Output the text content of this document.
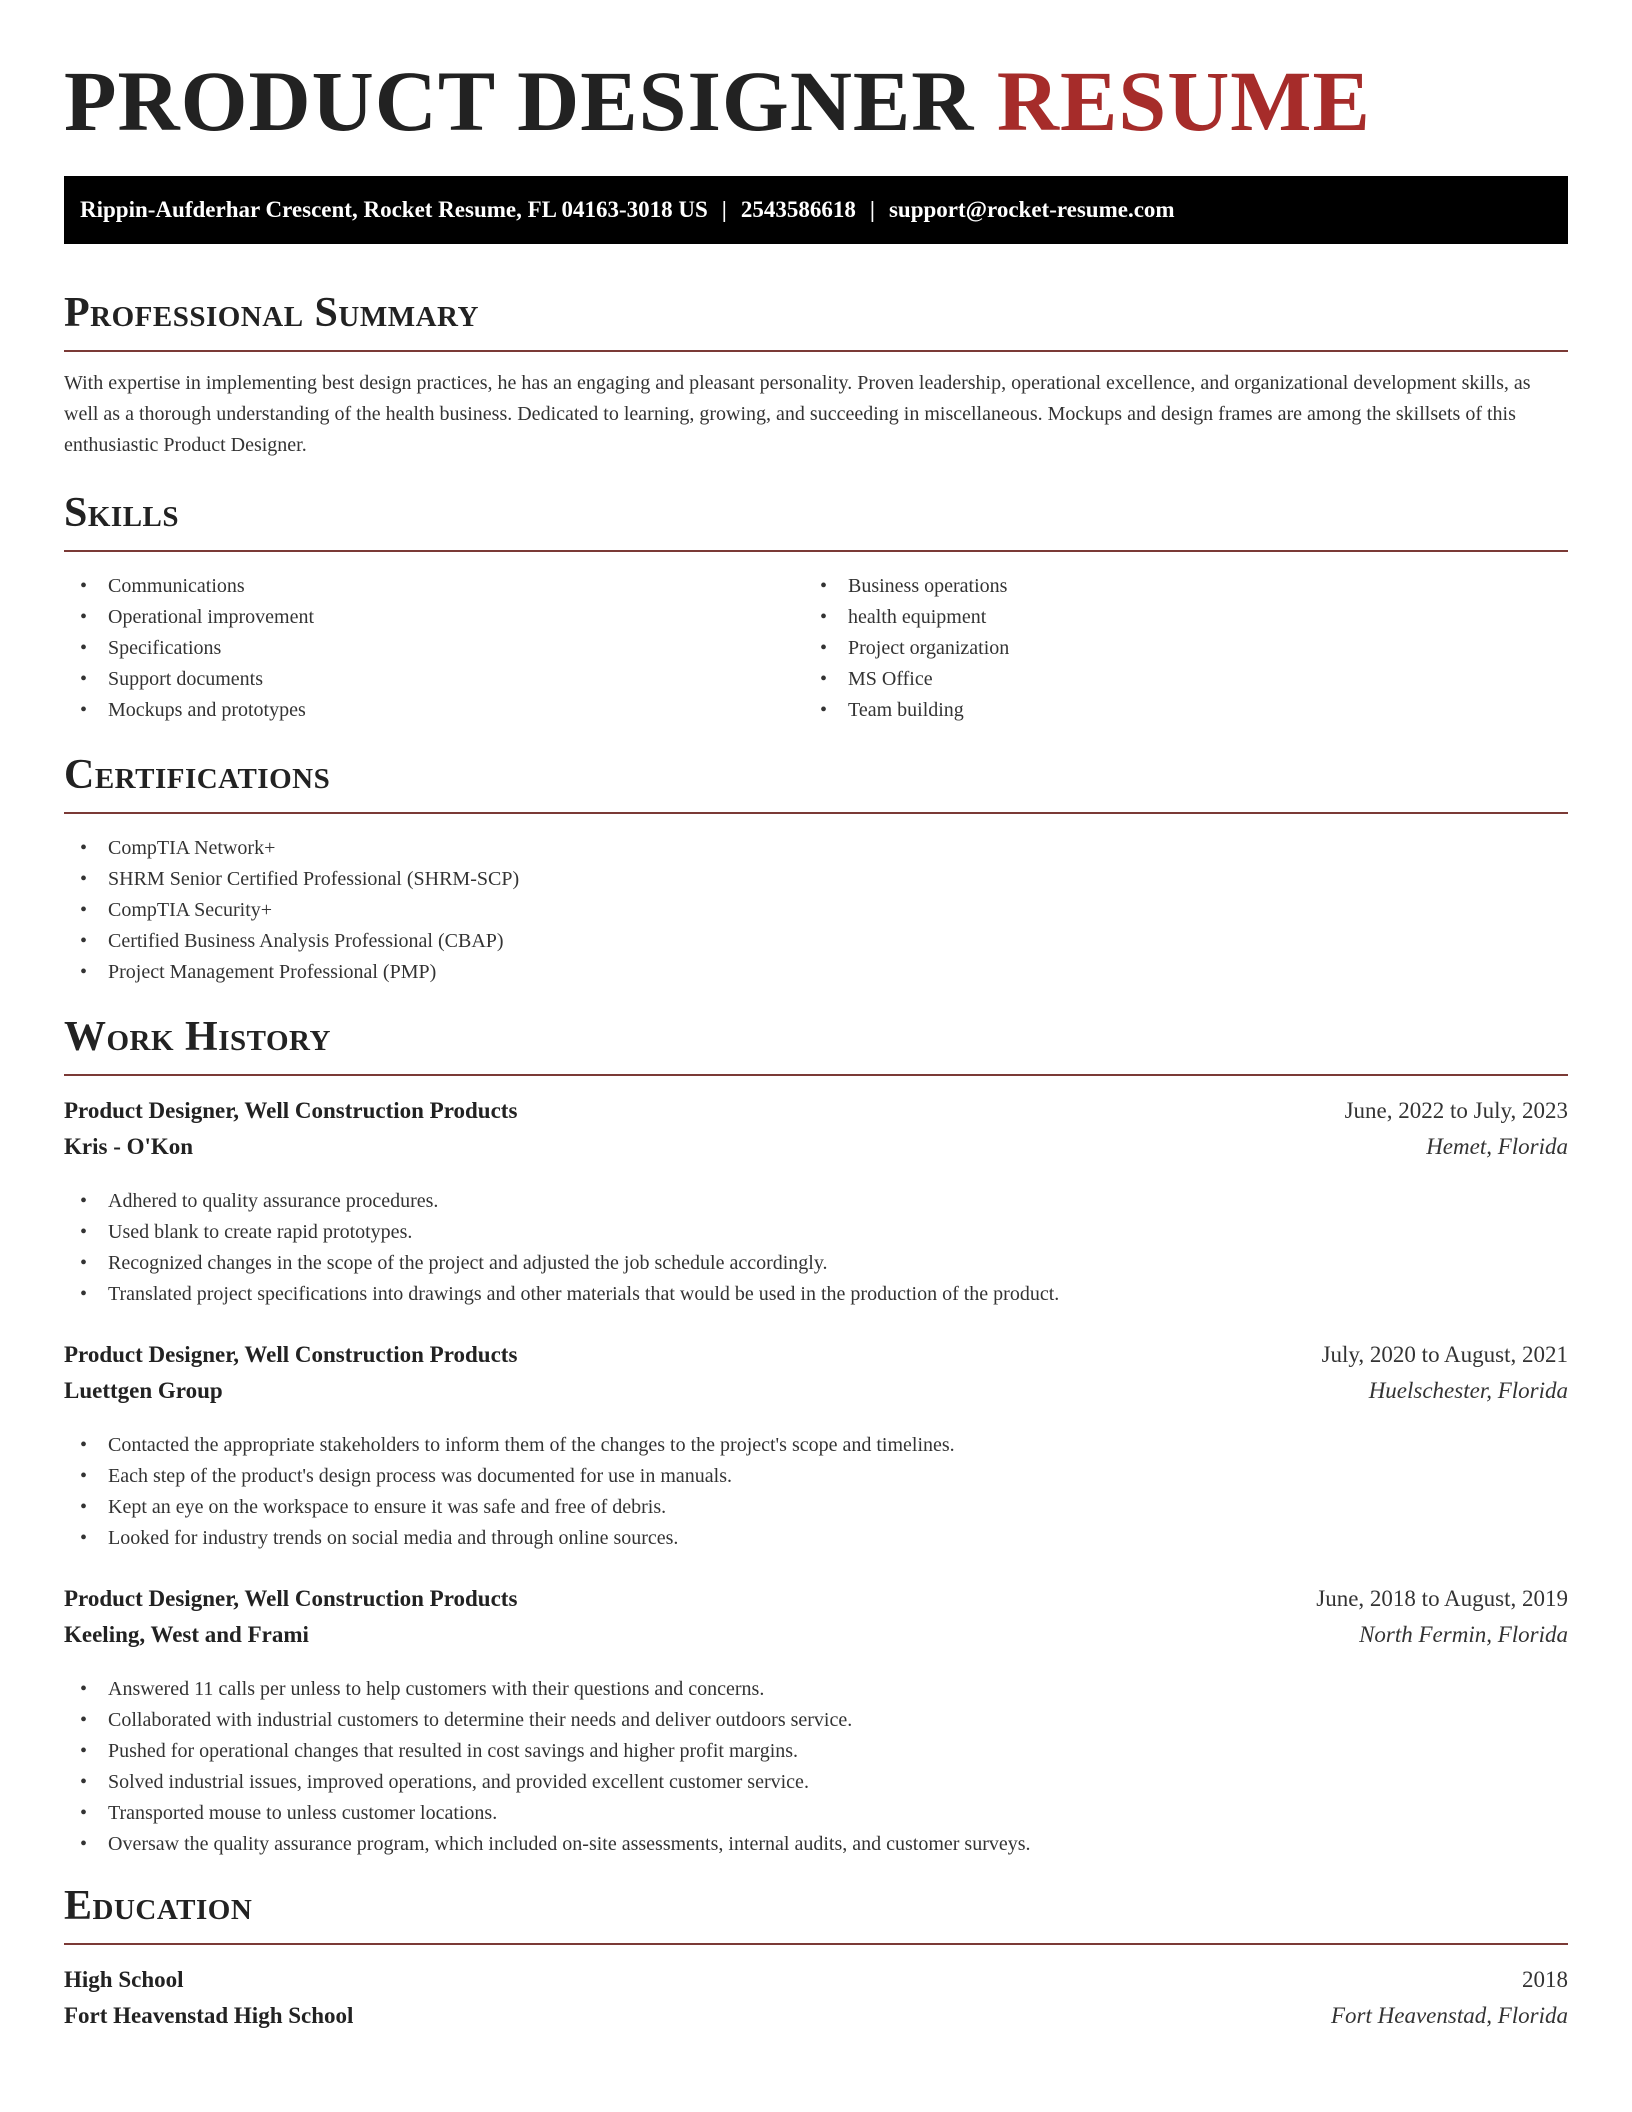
PRODUCT DESIGNER RESUME
Rippin-Aufderhar Crescent, Rocket Resume, FL 04163-3018 US | 2543586618 | support@rocket-resume.com
Professional Summary

With expertise in implementing best design practices, he has an engaging and pleasant personality. Proven leadership, operational excellence, and organizational development skills, as well as a thorough understanding of the health business. Dedicated to learning, growing, and succeeding in miscellaneous. Mockups and design frames are among the skillsets of this enthusiastic Product Designer.

Skills
• Communications
• Operational improvement
• Specifications
• Support documents
• Mockups and prototypes
• Business operations
• health equipment
• Project organization
• MS Office
• Team building
Certifications
• CompTIA Network+
• SHRM Senior Certified Professional (SHRM-SCP)
• CompTIA Security+
• Certified Business Analysis Professional (CBAP)
• Project Management Professional (PMP)
Work History
Product Designer, Well Construction Products	June, 2022 to July, 2023
Kris - O'Kon	Hemet, Florida
• Adhered to quality assurance procedures.
• Used blank to create rapid prototypes.
• Recognized changes in the scope of the project and adjusted the job schedule accordingly.
• Translated project specifications into drawings and other materials that would be used in the production of the product.
Product Designer, Well Construction Products	July, 2020 to August, 2021
Luettgen Group	Huelschester, Florida
• Contacted the appropriate stakeholders to inform them of the changes to the project's scope and timelines.
• Each step of the product's design process was documented for use in manuals.
• Kept an eye on the workspace to ensure it was safe and free of debris.
• Looked for industry trends on social media and through online sources.
Product Designer, Well Construction Products	June, 2018 to August, 2019
Keeling, West and Frami	North Fermin, Florida
• Answered 11 calls per unless to help customers with their questions and concerns.
• Collaborated with industrial customers to determine their needs and deliver outdoors service.
• Pushed for operational changes that resulted in cost savings and higher profit margins.
• Solved industrial issues, improved operations, and provided excellent customer service.
• Transported mouse to unless customer locations.
• Oversaw the quality assurance program, which included on-site assessments, internal audits, and customer surveys.
Education
High School	2018
Fort Heavenstad High School	Fort Heavenstad, Florida
